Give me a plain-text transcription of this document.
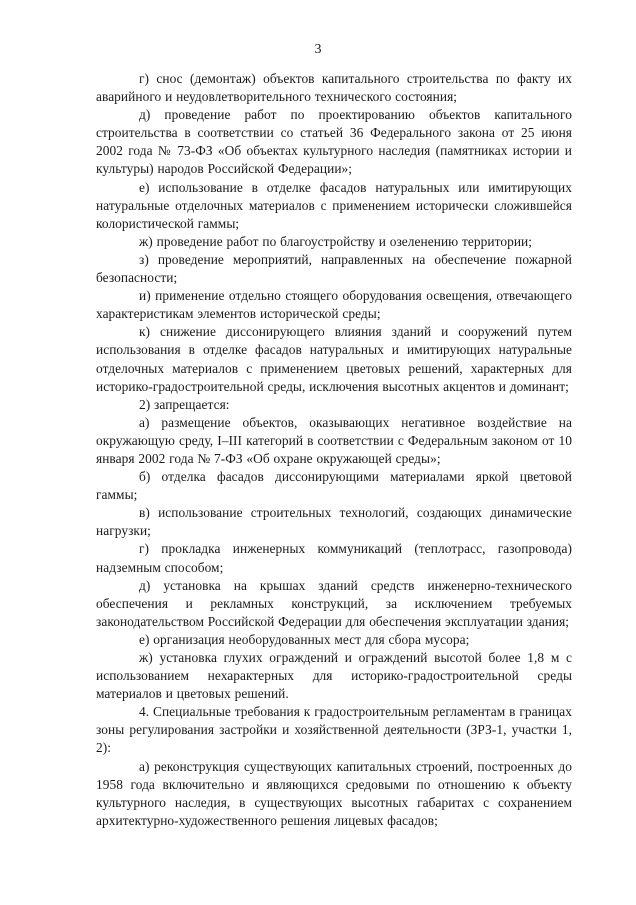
3

г) снос (демонтаж) объектов капитального строительства по факту их аварийного и неудовлетворительного технического состояния;

д) проведение работ по проектированию объектов капитального строительства в соответствии со статьей 36 Федерального закона от 25 июня 2002 года № 73-ФЗ «Об объектах культурного наследия (памятниках истории и культуры) народов Российской Федерации»;

е) использование в отделке фасадов натуральных или имитирующих натуральные отделочных материалов с применением исторически сложившейся колористической гаммы;

ж) проведение работ по благоустройству и озеленению территории;

з) проведение мероприятий, направленных на обеспечение пожарной безопасности;

и) применение отдельно стоящего оборудования освещения, отвечающего характеристикам элементов исторической среды;

к) снижение диссонирующего влияния зданий и сооружений путем использования в отделке фасадов натуральных и имитирующих натуральные отделочных материалов с применением цветовых решений, характерных для историко-градостроительной среды, исключения высотных акцентов и доминант;

2) запрещается:

а) размещение объектов, оказывающих негативное воздействие на окружающую среду, I–III категорий в соответствии с Федеральным законом от 10 января 2002 года № 7-ФЗ «Об охране окружающей среды»;

б) отделка фасадов диссонирующими материалами яркой цветовой гаммы;

в) использование строительных технологий, создающих динамические нагрузки;

г) прокладка инженерных коммуникаций (теплотрасс, газопровода) надземным способом;

д) установка на крышах зданий средств инженерно-технического обеспечения и рекламных конструкций, за исключением требуемых законодательством Российской Федерации для обеспечения эксплуатации здания;

е) организация необорудованных мест для сбора мусора;

ж) установка глухих ограждений и ограждений высотой более 1,8 м с использованием нехарактерных для историко-градостроительной среды материалов и цветовых решений.

4. Специальные требования к градостроительным регламентам в границах зоны регулирования застройки и хозяйственной деятельности (ЗРЗ-1, участки 1, 2):

а) реконструкция существующих капитальных строений, построенных до 1958 года включительно и являющихся средовыми по отношению к объекту культурного наследия, в существующих высотных габаритах с сохранением архитектурно-художественного решения лицевых фасадов;
